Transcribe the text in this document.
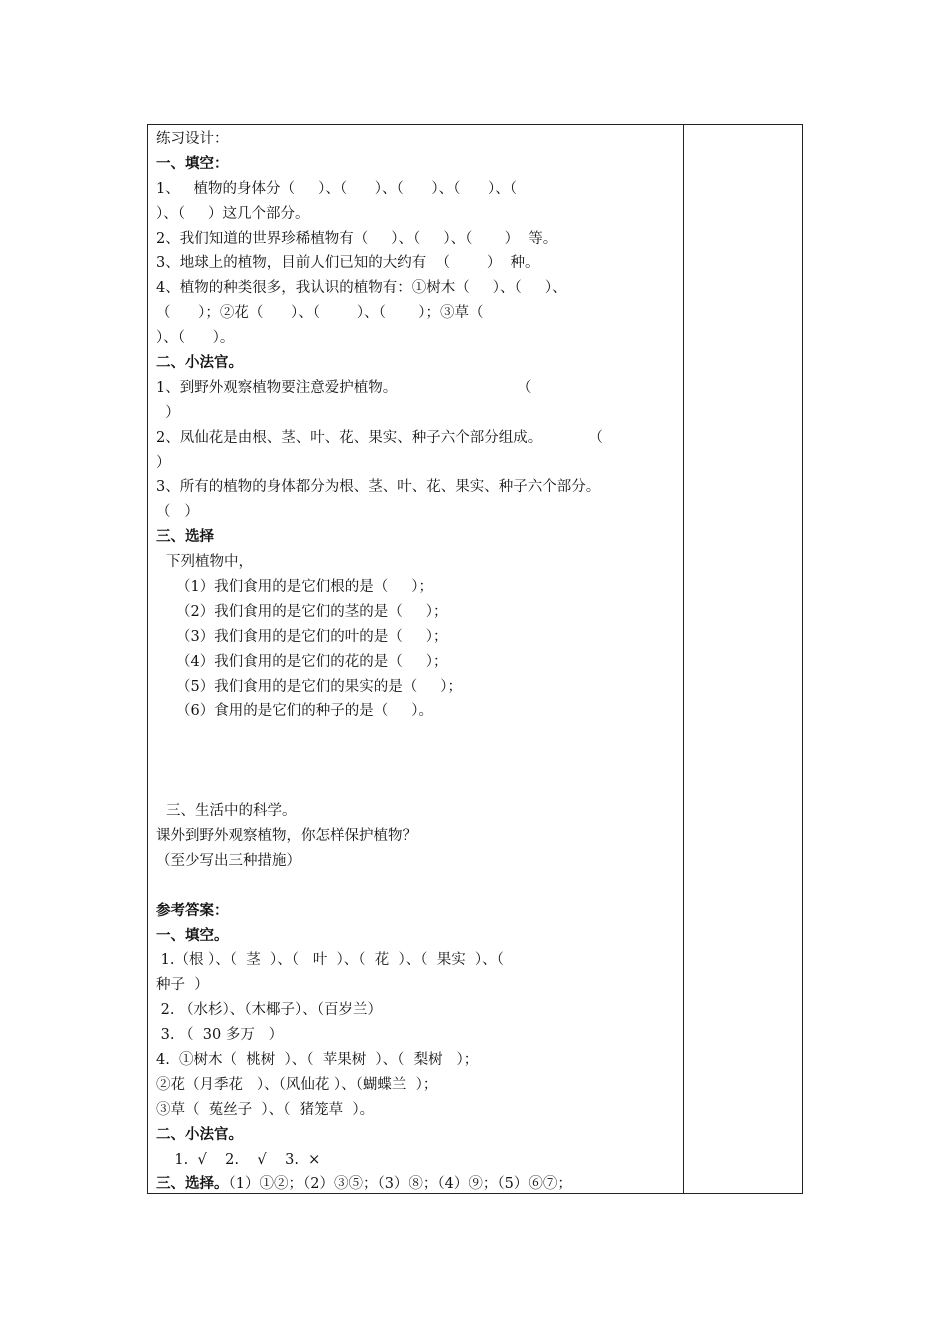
练习设计：
一、填空：
1、   植物的身体分（     ）、（      ）、（      ）、（      ）、（
）、（     ）这几个部分。
2、我们知道的世界珍稀植物有（     ）、（     ）、（       ）  等。
3、地球上的植物，目前人们已知的大约有  （        ）  种。
4、植物的种类很多，我认识的植物有：①树木（     ）、（     ）、
（      ）；②花（      ）、（        ）、（       ）；③草（
）、（      ）。
二、小法官。
1、到野外观察植物要注意爱护植物。                          （
）
2、凤仙花是由根、茎、叶、花、果实、种子六个部分组成。          （
）
3、所有的植物的身体都分为根、茎、叶、花、果实、种子六个部分。
（   ）
三、选择
下列植物中，
（1）我们食用的是它们根的是（     ）；
（2）我们食用的是它们的茎的是（     ）；
（3）我们食用的是它们的叶的是（     ）；
（4）我们食用的是它们的花的是（     ）；
（5）我们食用的是它们的果实的是（     ）；
（6）食用的是它们的种子的是（     ）。

三、生活中的科学。
课外到野外观察植物，你怎样保护植物？
（至少写出三种措施）
参考答案：
一、填空。
1.（根 ）、（  茎  ）、（   叶  ）、（  花  ）、（  果实  ）、（
种子  ）
2. （水杉）、（木椰子）、（百岁兰）
3. （  30 多万   ）
4.  ①树木（  桃树  ）、（  苹果树  ）、（  梨树   ）；
②花（月季花   ）、（风仙花 ）、（蝴蝶兰  ）；
③草（  菟丝子  ）、（  猪笼草  ）。
二、小法官。
1.  √    2.    √    3.  ×
三、选择。（1）①②；（2）③⑤；（3）⑧；（4）⑨；（5）⑥⑦；
